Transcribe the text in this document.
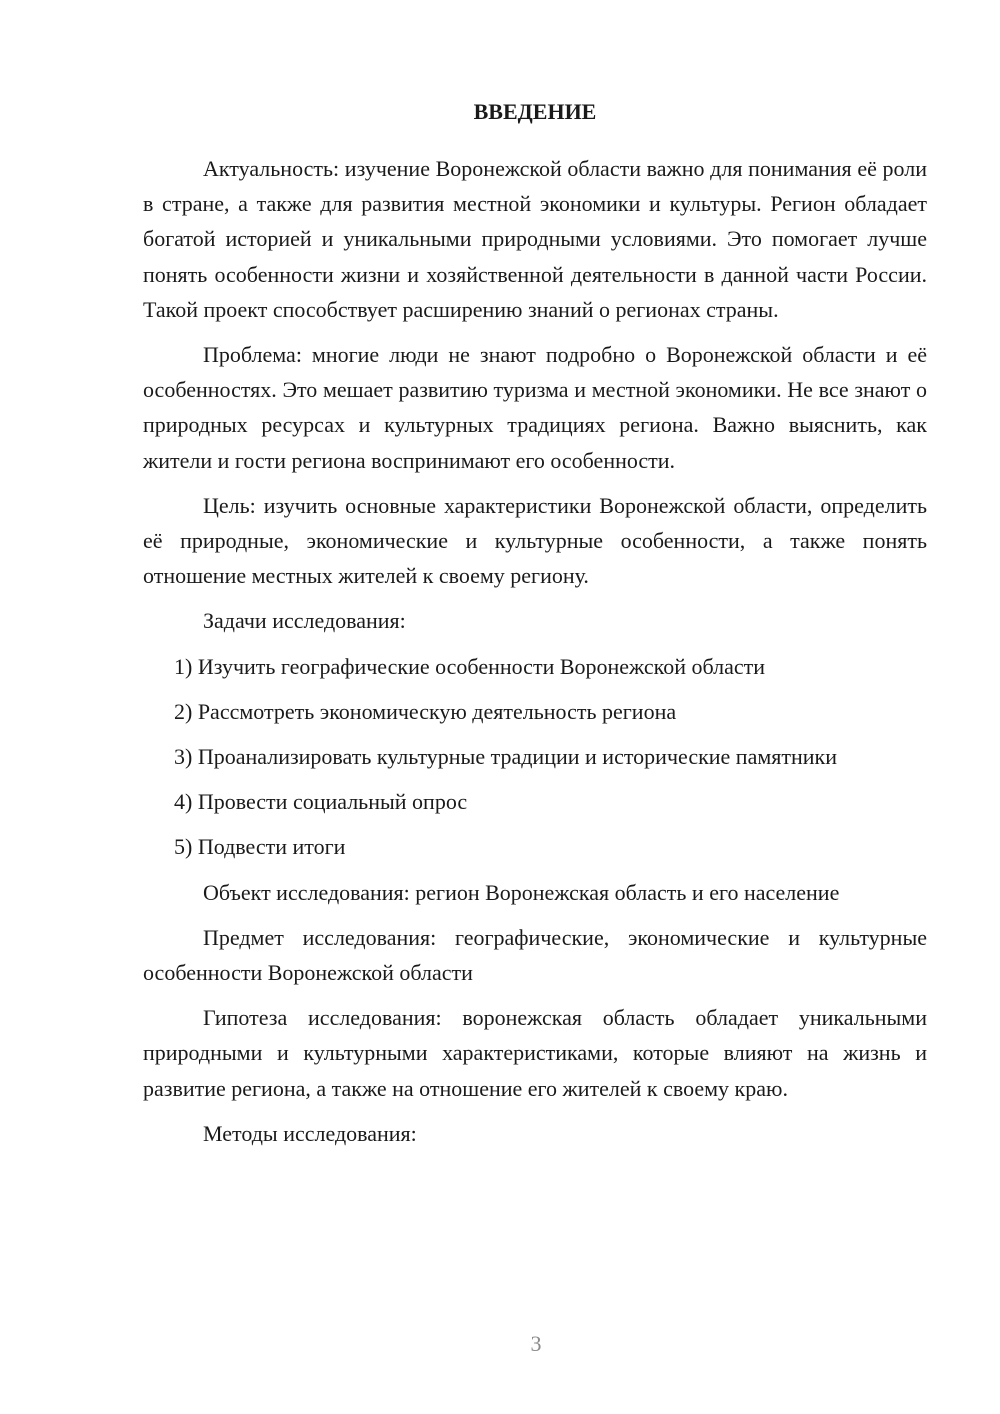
ВВЕДЕНИЕ

Актуальность: изучение Воронежской области важно для понимания её роли в стране, а также для развития местной экономики и культуры. Регион обладает богатой историей и уникальными природными условиями. Это помогает лучше понять особенности жизни и хозяйственной деятельности в данной части России. Такой проект способствует расширению знаний о регионах страны.

Проблема: многие люди не знают подробно о Воронежской области и её особенностях. Это мешает развитию туризма и местной экономики. Не все знают о природных ресурсах и культурных традициях региона. Важно выяснить, как жители и гости региона воспринимают его особенности.

Цель: изучить основные характеристики Воронежской области, определить её природные, экономические и культурные особенности, а также понять отношение местных жителей к своему региону.

Задачи исследования:

1) Изучить географические особенности Воронежской области

2) Рассмотреть экономическую деятельность региона

3) Проанализировать культурные традиции и исторические памятники

4) Провести социальный опрос

5) Подвести итоги

Объект исследования: регион Воронежская область и его население

Предмет исследования: географические, экономические и культурные особенности Воронежской области

Гипотеза исследования: воронежская область обладает уникальными природными и культурными характеристиками, которые влияют на жизнь и развитие региона, а также на отношение его жителей к своему краю.

Методы исследования:

3
